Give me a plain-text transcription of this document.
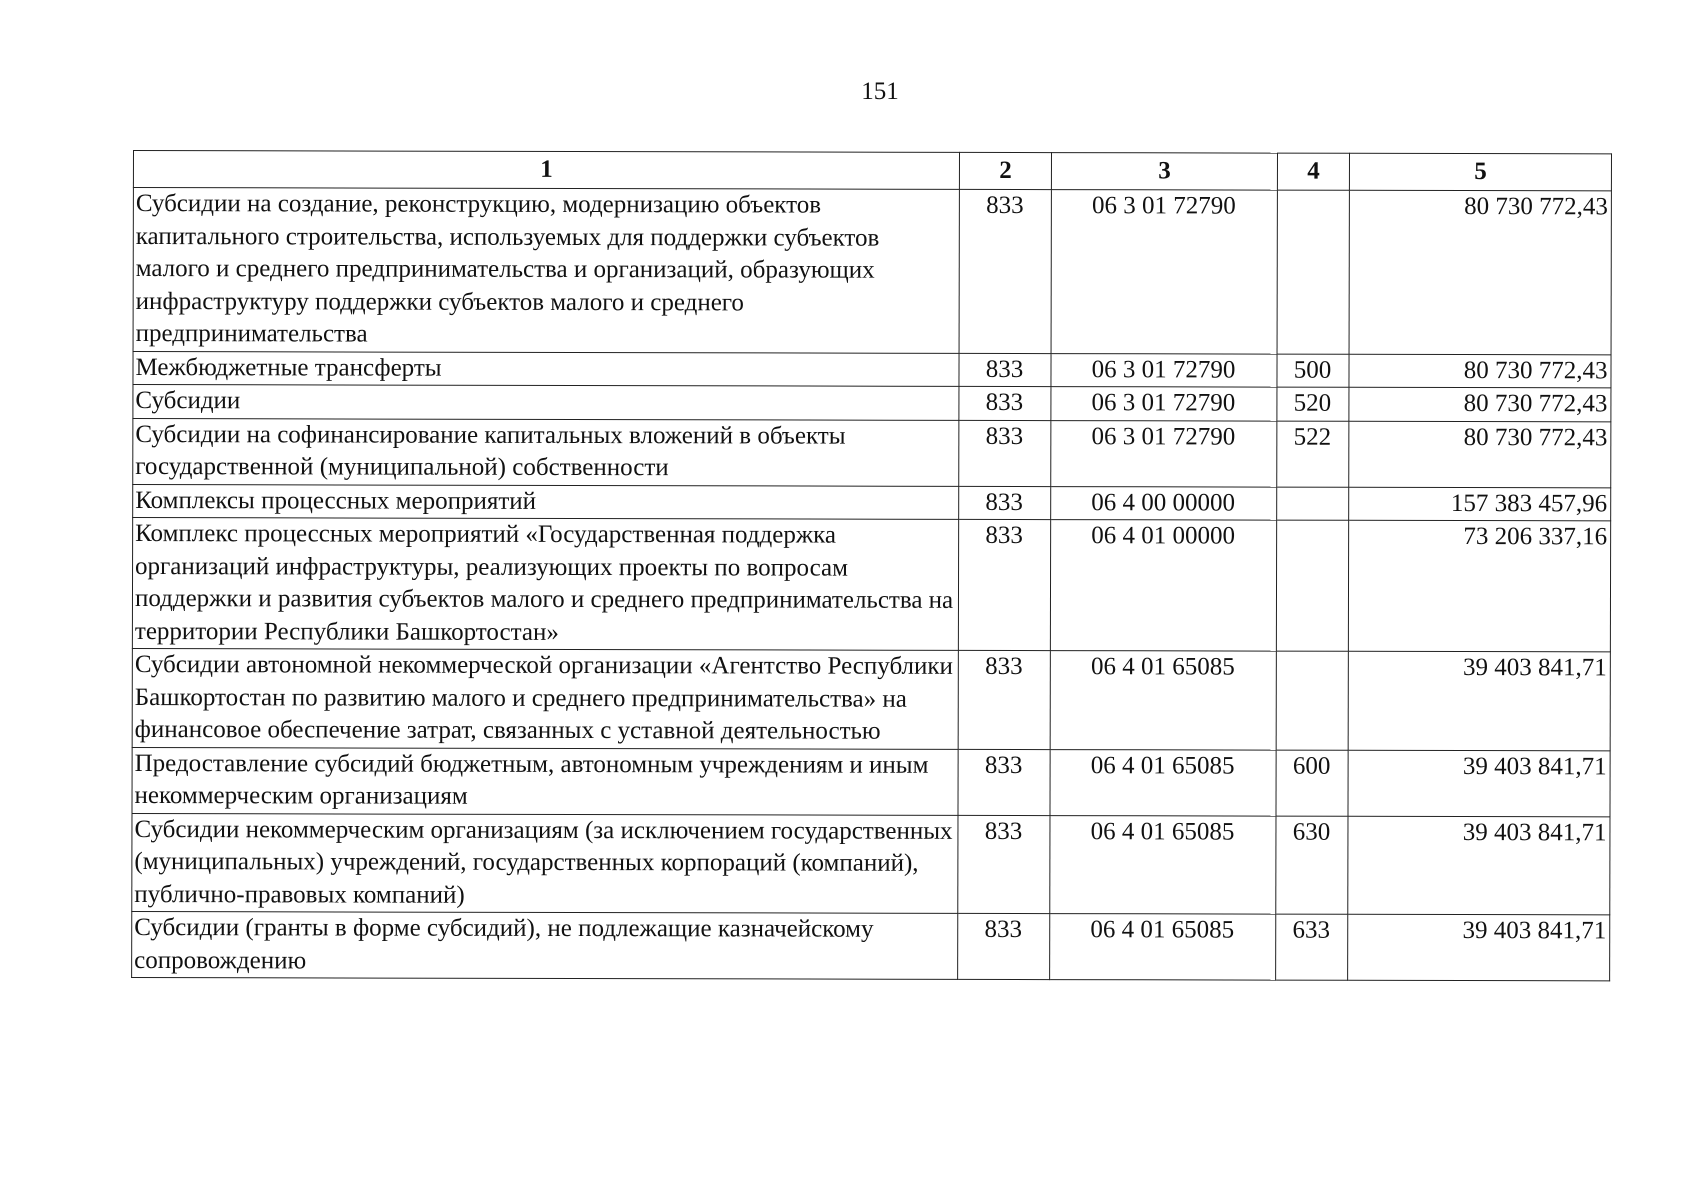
151
1	2	3	4	5
Субсидии на создание, реконструкцию, модернизацию объектов капитального строительства, используемых для поддержки субъектов малого и среднего предпринимательства и организаций, образующих инфраструктуру поддержки субъектов малого и среднего предпринимательства	833	06 3 01 72790		80 730 772,43
Межбюджетные трансферты	833	06 3 01 72790	500	80 730 772,43
Субсидии	833	06 3 01 72790	520	80 730 772,43
Субсидии на софинансирование капитальных вложений в объекты государственной (муниципальной) собственности	833	06 3 01 72790	522	80 730 772,43
Комплексы процессных мероприятий	833	06 4 00 00000		157 383 457,96
Комплекс процессных мероприятий «Государственная поддержка организаций инфраструктуры, реализующих проекты по вопросам поддержки и развития субъектов малого и среднего предпринимательства на территории Республики Башкортостан»	833	06 4 01 00000		73 206 337,16
Субсидии автономной некоммерческой организации «Агентство Республики Башкортостан по развитию малого и среднего предпринимательства» на финансовое обеспечение затрат, связанных с уставной деятельностью	833	06 4 01 65085		39 403 841,71
Предоставление субсидий бюджетным, автономным учреждениям и иным некоммерческим организациям	833	06 4 01 65085	600	39 403 841,71
Субсидии некоммерческим организациям (за исключением государственных (муниципальных) учреждений, государственных корпораций (компаний), публично-правовых компаний)	833	06 4 01 65085	630	39 403 841,71
Субсидии (гранты в форме субсидий), не подлежащие казначейскому сопровождению	833	06 4 01 65085	633	39 403 841,71
